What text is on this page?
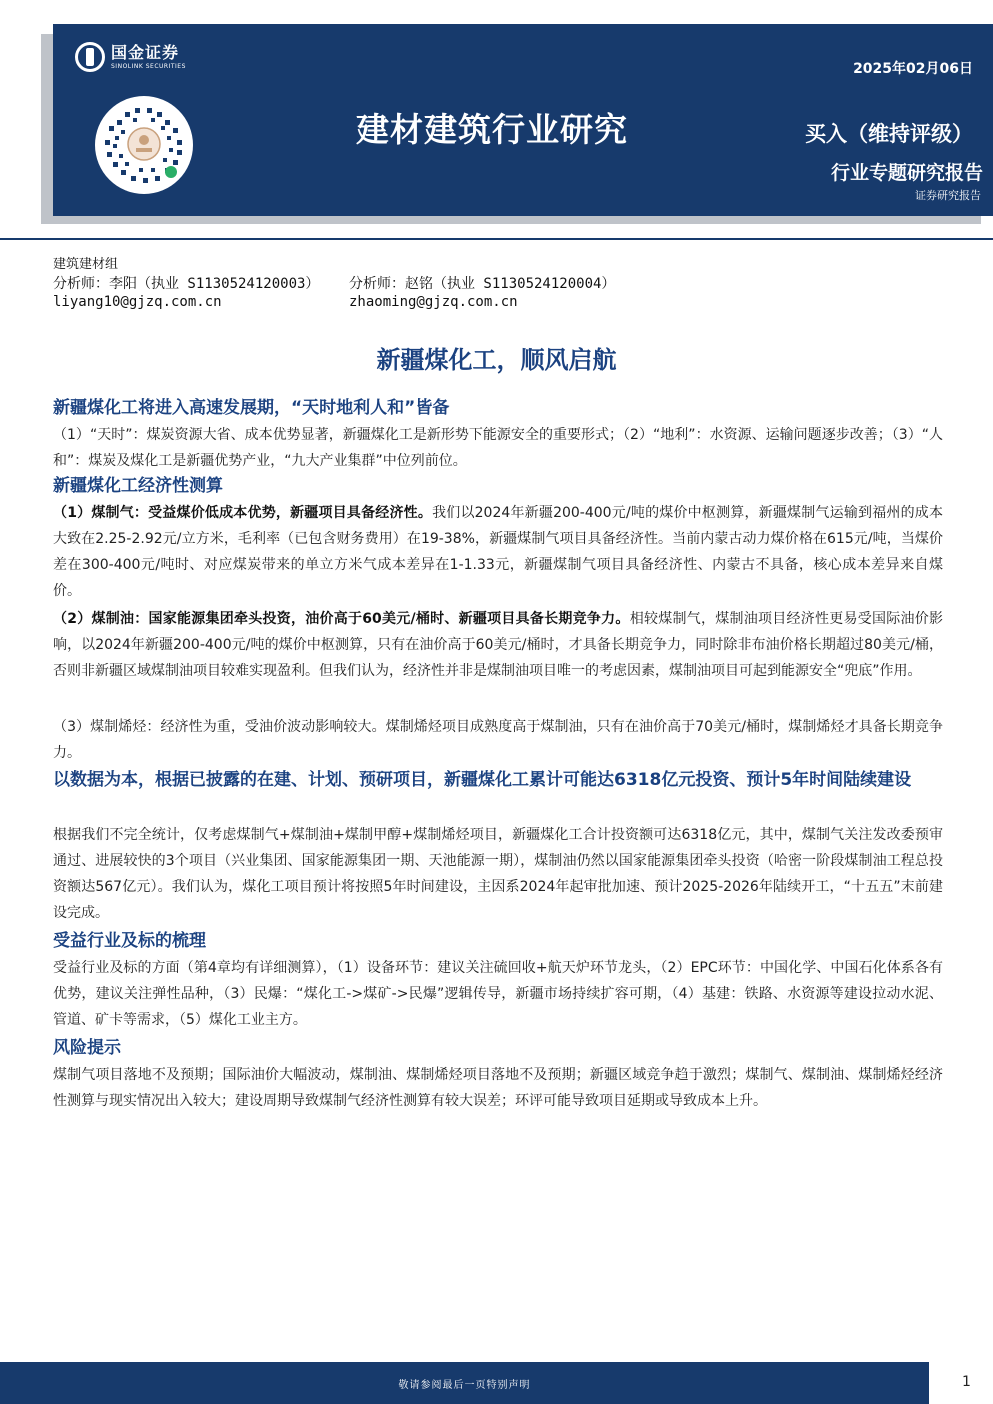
国金证券
SINOLINK SECURITIES	2025年02月06日
建材建筑行业研究	买入（维持评级）
行业专题研究报告
证券研究报告
建筑建材组
分析师：李阳（执业 S1130524120003） 分析师：赵铭（执业 S1130524120004）
liyang10@gjzq.com.cn	zhaoming@gjzq.com.cn
新疆煤化工，顺风启航
新疆煤化工将进入高速发展期，“天时地利人和”皆备
（1）“天时”：煤炭资源大省、成本优势显著，新疆煤化工是新形势下能源安全的重要形式；（2）“地利”：水资源、运输问题逐步改善；（3）“人和”：煤炭及煤化工是新疆优势产业，“九大产业集群”中位列前位。
新疆煤化工经济性测算
（1）煤制气：受益煤价低成本优势，新疆项目具备经济性。我们以2024年新疆200-400元/吨的煤价中枢测算，新疆煤制气运输到福州的成本大致在2.25-2.92元/立方米，毛利率（已包含财务费用）在19-38%，新疆煤制气项目具备经济性。当前内蒙古动力煤价格在615元/吨，当煤价差在300-400元/吨时、对应煤炭带来的单立方米气成本差异在1-1.33元，新疆煤制气项目具备经济性、内蒙古不具备，核心成本差异来自煤价。
（2）煤制油：国家能源集团牵头投资，油价高于60美元/桶时、新疆项目具备长期竞争力。相较煤制气，煤制油项目经济性更易受国际油价影响，以2024年新疆200-400元/吨的煤价中枢测算，只有在油价高于60美元/桶时，才具备长期竞争力，同时除非布油价格长期超过80美元/桶，否则非新疆区域煤制油项目较难实现盈利。但我们认为，经济性并非是煤制油项目唯一的考虑因素，煤制油项目可起到能源安全“兜底”作用。
（3）煤制烯烃：经济性为重，受油价波动影响较大。煤制烯烃项目成熟度高于煤制油，只有在油价高于70美元/桶时，煤制烯烃才具备长期竞争力。
以数据为本，根据已披露的在建、计划、预研项目，新疆煤化工累计可能达6318亿元投资、预计5年时间陆续建设
根据我们不完全统计，仅考虑煤制气+煤制油+煤制甲醇+煤制烯烃项目，新疆煤化工合计投资额可达6318亿元，其中，煤制气关注发改委预审通过、进展较快的3个项目（兴业集团、国家能源集团一期、天池能源一期），煤制油仍然以国家能源集团牵头投资（哈密一阶段煤制油工程总投资额达567亿元）。我们认为，煤化工项目预计将按照5年时间建设，主因系2024年起审批加速、预计2025-2026年陆续开工，“十五五”末前建设完成。
受益行业及标的梳理
受益行业及标的方面（第4章均有详细测算），（1）设备环节：建议关注硫回收+航天炉环节龙头，（2）EPC环节：中国化学、中国石化体系各有优势，建议关注弹性品种，（3）民爆：“煤化工->煤矿->民爆”逻辑传导，新疆市场持续扩容可期，（4）基建：铁路、水资源等建设拉动水泥、管道、矿卡等需求，（5）煤化工业主方。
风险提示
煤制气项目落地不及预期；国际油价大幅波动，煤制油、煤制烯烃项目落地不及预期；新疆区域竞争趋于激烈；煤制气、煤制油、煤制烯烃经济性测算与现实情况出入较大；建设周期导致煤制气经济性测算有较大误差；环评可能导致项目延期或导致成本上升。
敬请参阅最后一页特别声明	1
